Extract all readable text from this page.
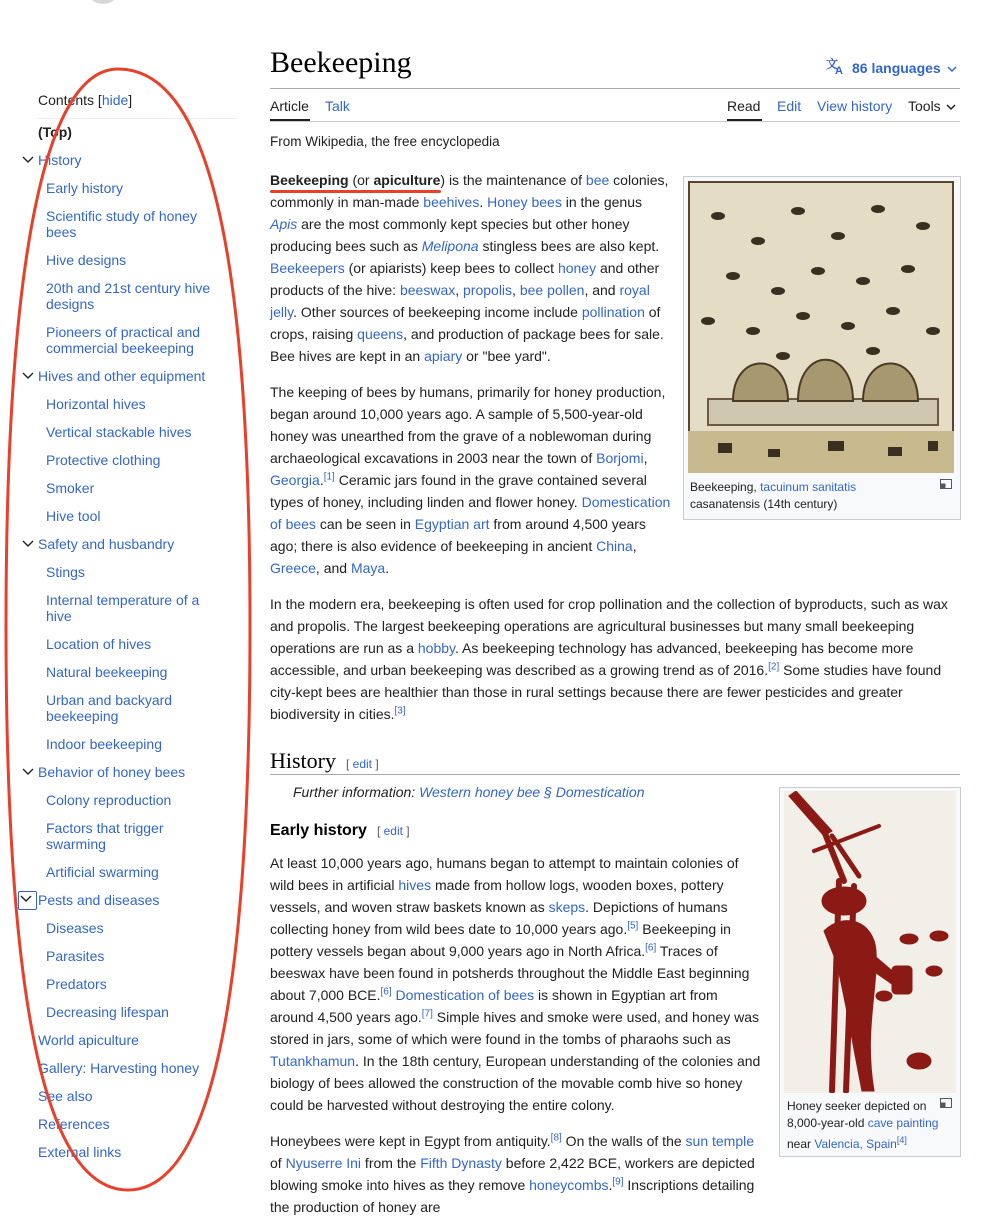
Contents [hide]
(Top)
History
Early history
Scientific study of honey bees
Hive designs
20th and 21st century hive designs
Pioneers of practical and commercial beekeeping
Hives and other equipment
Horizontal hives
Vertical stackable hives
Protective clothing
Smoker
Hive tool
Safety and husbandry
Stings
Internal temperature of a hive
Location of hives
Natural beekeeping
Urban and backyard beekeeping
Indoor beekeeping
Behavior of honey bees
Colony reproduction
Factors that trigger swarming
Artificial swarming
Pests and diseases
Diseases
Parasites
Predators
Decreasing lifespan
World apiculture
Gallery: Harvesting honey
See also
References
External links
Beekeeping	文
A 86 languages
Article Talk	Read Edit View history Tools
From Wikipedia, the free encyclopedia
Beekeeping (or apiculture) is the maintenance of bee colonies, commonly in man-made beehives. Honey bees in the genus Apis are the most commonly kept species but other honey producing bees such as Melipona stingless bees are also kept. Beekeepers (or apiarists) keep bees to collect honey and other products of the hive: beeswax, propolis, bee pollen, and royal jelly. Other sources of beekeeping income include pollination of crops, raising queens, and production of package bees for sale. Bee hives are kept in an apiary or "bee yard".
The keeping of bees by humans, primarily for honey production, began around 10,000 years ago. A sample of 5,500-year-old honey was unearthed from the grave of a noblewoman during archaeological excavations in 2003 near the town of Borjomi, Georgia.[1] Ceramic jars found in the grave contained several types of honey, including linden and flower honey. Domestication of bees can be seen in Egyptian art from around 4,500 years ago; there is also evidence of beekeeping in ancient China, Greece, and Maya.
In the modern era, beekeeping is often used for crop pollination and the collection of byproducts, such as wax and propolis. The largest beekeeping operations are agricultural businesses but many small beekeeping operations are run as a hobby. As beekeeping technology has advanced, beekeeping has become more accessible, and urban beekeeping was described as a growing trend as of 2016.[2] Some studies have found city-kept bees are healthier than those in rural settings because there are fewer pesticides and greater biodiversity in cities.[3]
Beekeeping, tacuinum sanitatis
casanatensis (14th century)
History [ edit ]
Further information: Western honey bee § Domestication
Early history [ edit ]
At least 10,000 years ago, humans began to attempt to maintain colonies of wild bees in artificial hives made from hollow logs, wooden boxes, pottery vessels, and woven straw baskets known as skeps. Depictions of humans collecting honey from wild bees date to 10,000 years ago.[5] Beekeeping in pottery vessels began about 9,000 years ago in North Africa.[6] Traces of beeswax have been found in potsherds throughout the Middle East beginning about 7,000 BCE.[6] Domestication of bees is shown in Egyptian art from around 4,500 years ago.[7] Simple hives and smoke were used, and honey was stored in jars, some of which were found in the tombs of pharaohs such as Tutankhamun. In the 18th century, European understanding of the colonies and biology of bees allowed the construction of the movable comb hive so honey could be harvested without destroying the entire colony.
Honeybees were kept in Egypt from antiquity.[8] On the walls of the sun temple of Nyuserre Ini from the Fifth Dynasty before 2,422 BCE, workers are depicted blowing smoke into hives as they remove honeycombs.[9] Inscriptions detailing the production of honey are
Honey seeker depicted on 8,000-year-old cave painting near Valencia, Spain[4]
